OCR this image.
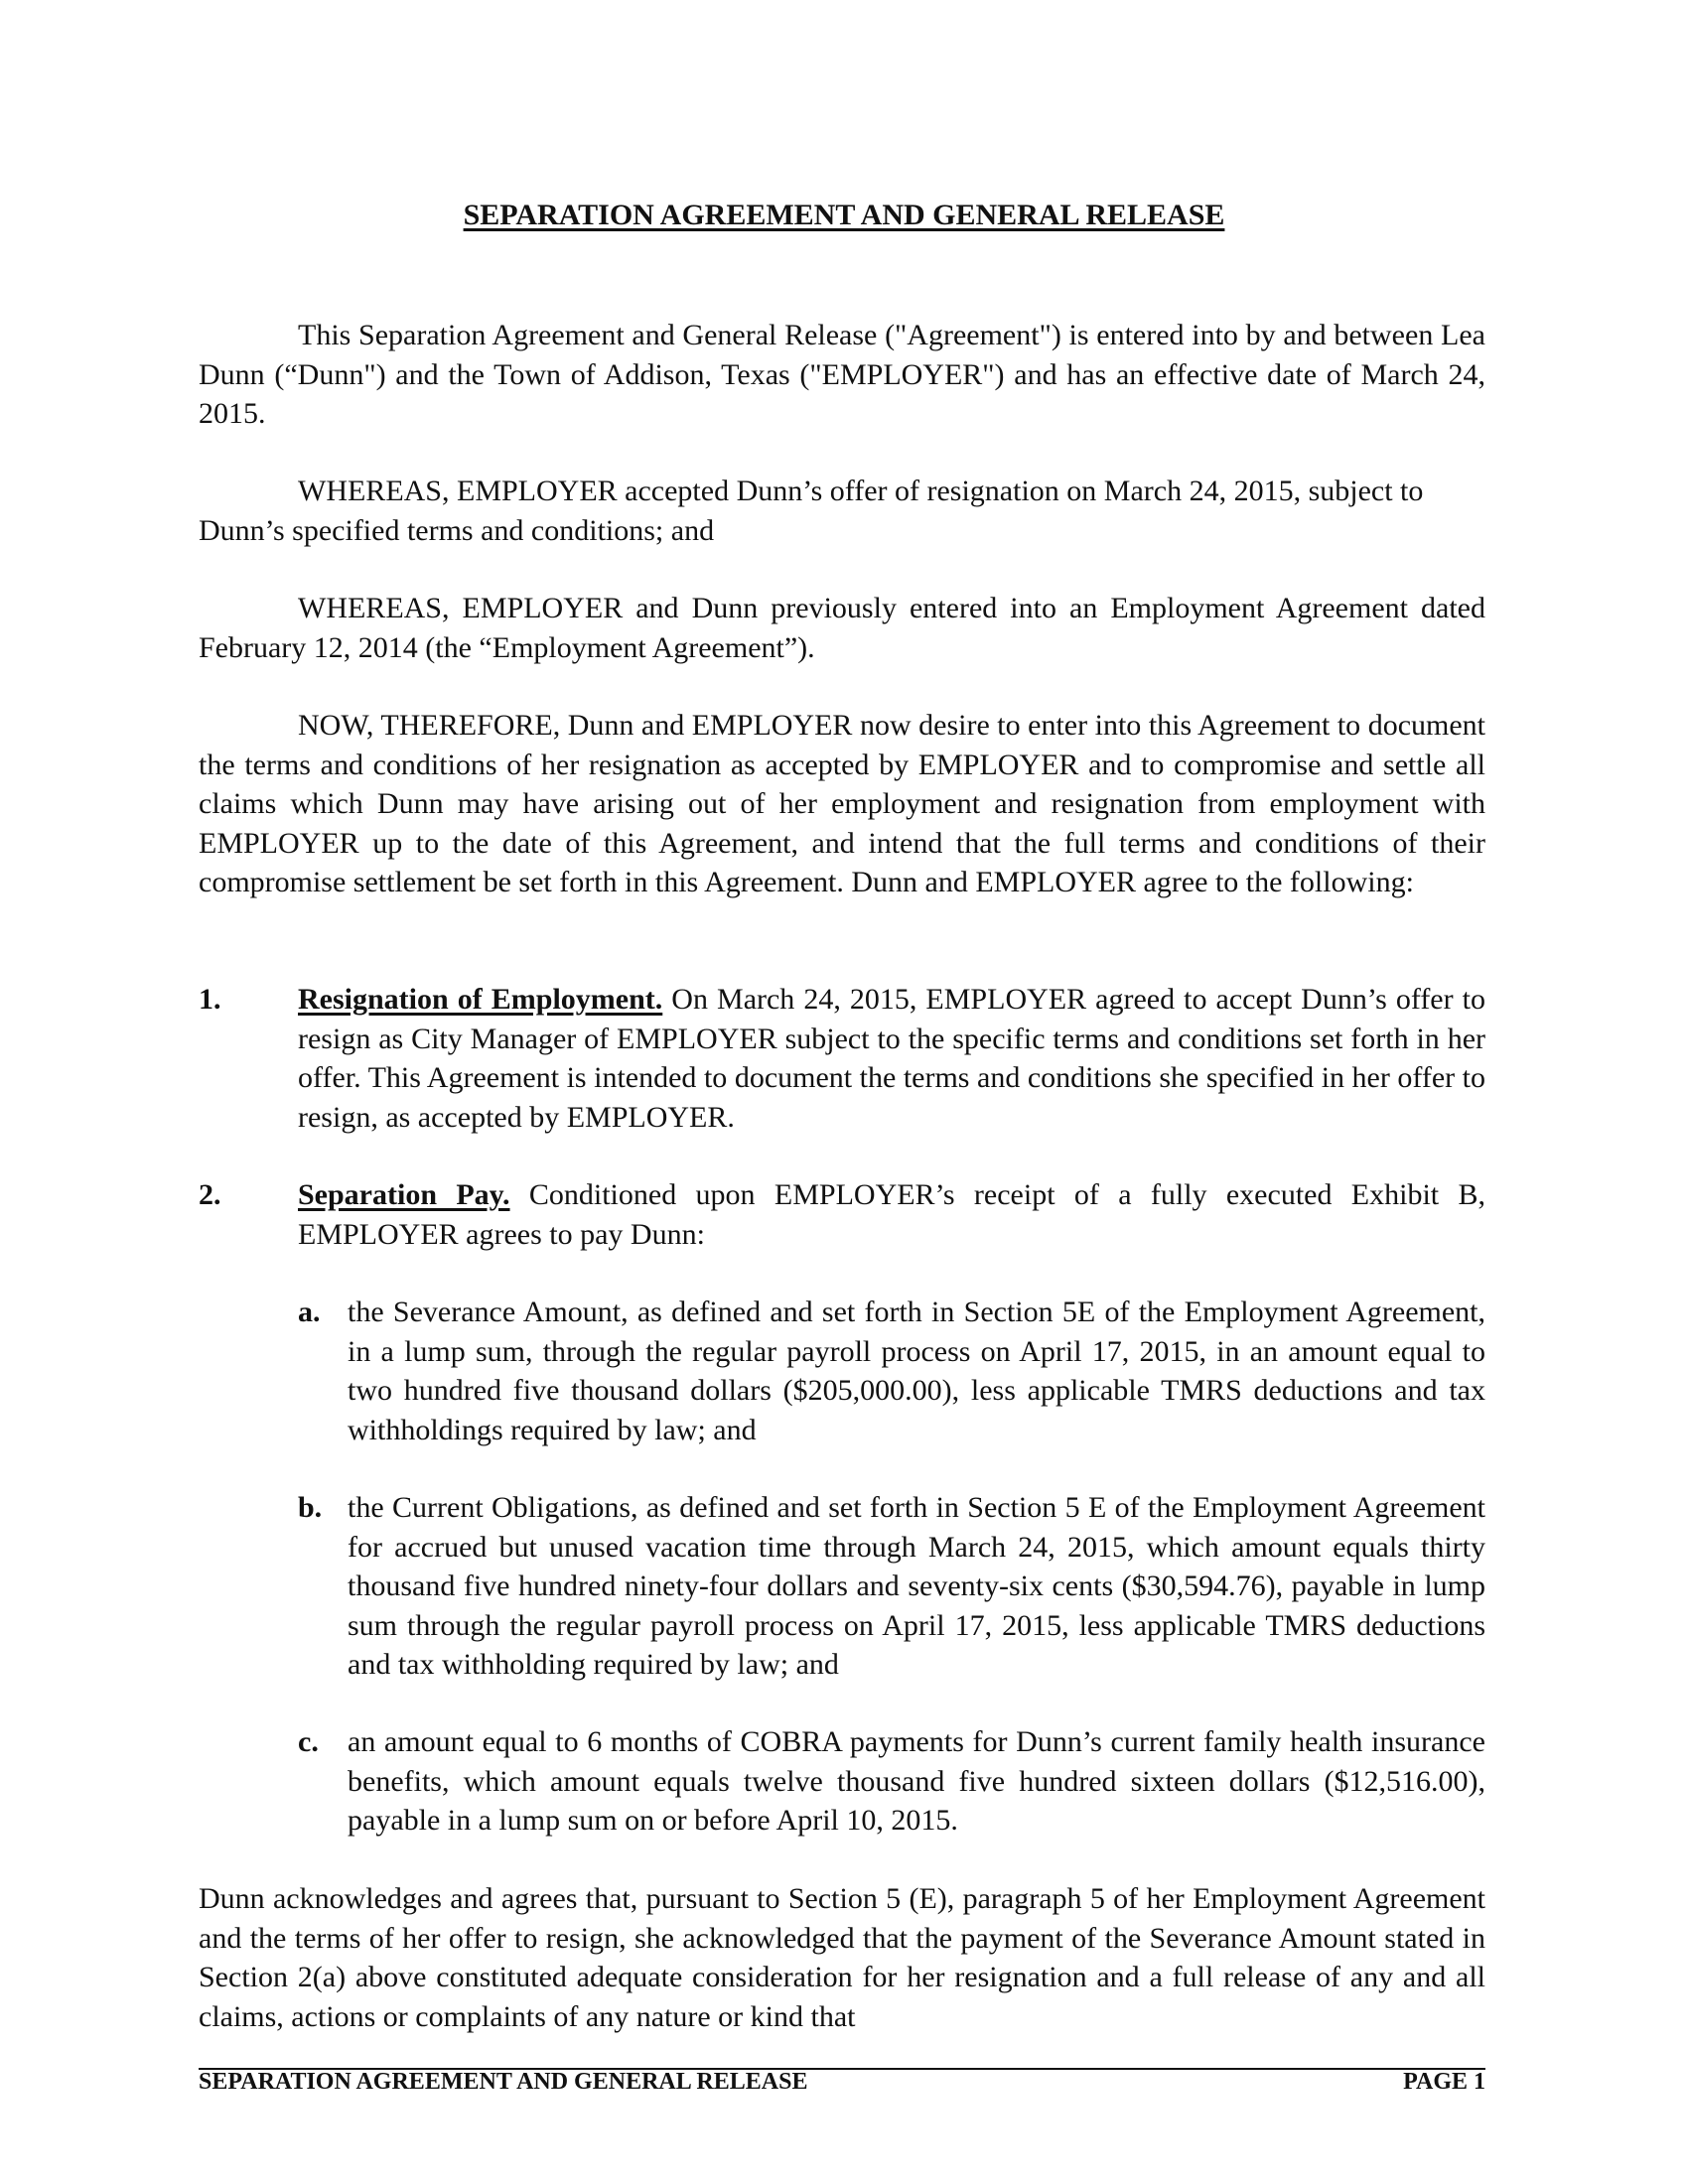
SEPARATION AGREEMENT AND GENERAL RELEASE
This Separation Agreement and General Release ("Agreement") is entered into by and between Lea Dunn (“Dunn") and the Town of Addison, Texas ("EMPLOYER") and has an effective date of March 24, 2015.
WHEREAS, EMPLOYER accepted Dunn’s offer of resignation on March 24, 2015, subject to Dunn’s specified terms and conditions; and
WHEREAS, EMPLOYER and Dunn previously entered into an Employment Agreement dated February 12, 2014 (the “Employment Agreement”).
NOW, THEREFORE, Dunn and EMPLOYER now desire to enter into this Agreement to document the terms and conditions of her resignation as accepted by EMPLOYER and to compromise and settle all claims which Dunn may have arising out of her employment and resignation from employment with EMPLOYER up to the date of this Agreement, and intend that the full terms and conditions of their compromise settlement be set forth in this Agreement. Dunn and EMPLOYER agree to the following:
1.	Resignation of Employment. On March 24, 2015, EMPLOYER agreed to accept Dunn’s offer to resign as City Manager of EMPLOYER subject to the specific terms and conditions set forth in her offer. This Agreement is intended to document the terms and conditions she specified in her offer to resign, as accepted by EMPLOYER.
2.	Separation Pay. Conditioned upon EMPLOYER’s receipt of a fully executed Exhibit B, EMPLOYER agrees to pay Dunn:
a. the Severance Amount, as defined and set forth in Section 5E of the Employment Agreement, in a lump sum, through the regular payroll process on April 17, 2015, in an amount equal to two hundred five thousand dollars ($205,000.00), less applicable TMRS deductions and tax withholdings required by law; and
b. the Current Obligations, as defined and set forth in Section 5 E of the Employment Agreement for accrued but unused vacation time through March 24, 2015, which amount equals thirty thousand five hundred ninety-four dollars and seventy-six cents ($30,594.76), payable in lump sum through the regular payroll process on April 17, 2015, less applicable TMRS deductions and tax withholding required by law; and
c. an amount equal to 6 months of COBRA payments for Dunn’s current family health insurance benefits, which amount equals twelve thousand five hundred sixteen dollars ($12,516.00), payable in a lump sum on or before April 10, 2015.
Dunn acknowledges and agrees that, pursuant to Section 5 (E), paragraph 5 of her Employment Agreement and the terms of her offer to resign, she acknowledged that the payment of the Severance Amount stated in Section 2(a) above constituted adequate consideration for her resignation and a full release of any and all claims, actions or complaints of any nature or kind that
SEPARATION AGREEMENT AND GENERAL RELEASE	PAGE 1
